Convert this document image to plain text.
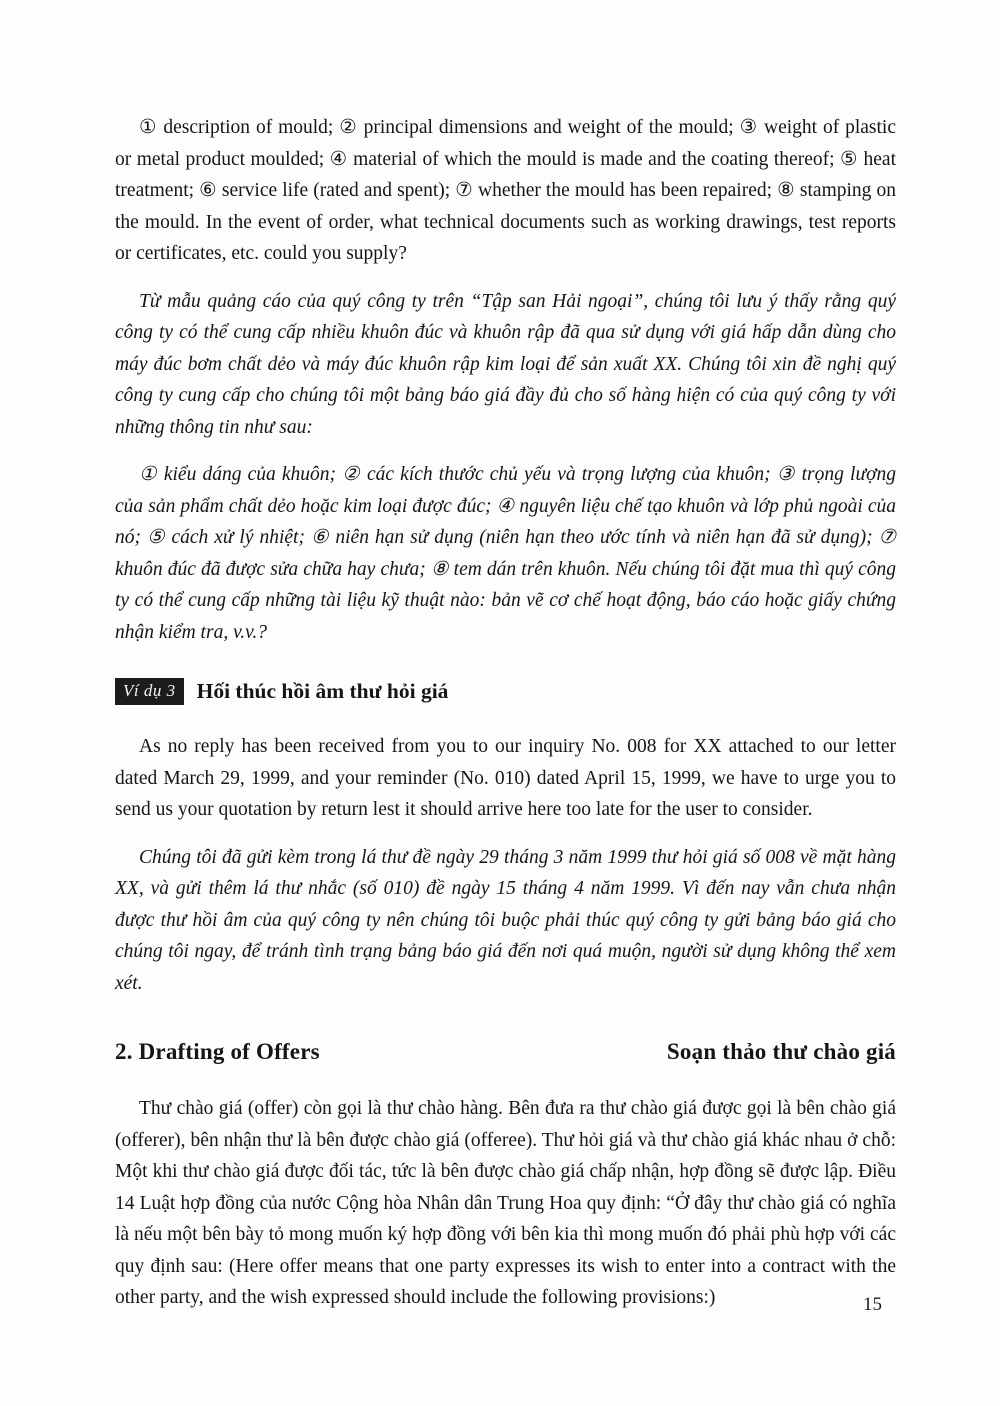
① description of mould; ② principal dimensions and weight of the mould; ③ weight of plastic or metal product moulded; ④ material of which the mould is made and the coating thereof; ⑤ heat treatment; ⑥ service life (rated and spent); ⑦ whether the mould has been repaired; ⑧ stamping on the mould. In the event of order, what technical documents such as working drawings, test reports or certificates, etc. could you supply?

Từ mẫu quảng cáo của quý công ty trên “Tập san Hải ngoại”, chúng tôi lưu ý thấy rằng quý công ty có thể cung cấp nhiều khuôn đúc và khuôn rập đã qua sử dụng với giá hấp dẫn dùng cho máy đúc bơm chất dẻo và máy đúc khuôn rập kim loại để sản xuất XX. Chúng tôi xin đề nghị quý công ty cung cấp cho chúng tôi một bảng báo giá đầy đủ cho số hàng hiện có của quý công ty với những thông tin như sau:

① kiểu dáng của khuôn; ② các kích thước chủ yếu và trọng lượng của khuôn; ③ trọng lượng của sản phẩm chất dẻo hoặc kim loại được đúc; ④ nguyên liệu chế tạo khuôn và lớp phủ ngoài của nó; ⑤ cách xử lý nhiệt; ⑥ niên hạn sử dụng (niên hạn theo ước tính và niên hạn đã sử dụng); ⑦ khuôn đúc đã được sửa chữa hay chưa; ⑧ tem dán trên khuôn. Nếu chúng tôi đặt mua thì quý công ty có thể cung cấp những tài liệu kỹ thuật nào: bản vẽ cơ chế hoạt động, báo cáo hoặc giấy chứng nhận kiểm tra, v.v.?

Ví dụ 3 Hối thúc hồi âm thư hỏi giá

As no reply has been received from you to our inquiry No. 008 for XX attached to our letter dated March 29, 1999, and your reminder (No. 010) dated April 15, 1999, we have to urge you to send us your quotation by return lest it should arrive here too late for the user to consider.

Chúng tôi đã gửi kèm trong lá thư đề ngày 29 tháng 3 năm 1999 thư hỏi giá số 008 về mặt hàng XX, và gửi thêm lá thư nhắc (số 010) đề ngày 15 tháng 4 năm 1999. Vì đến nay vẫn chưa nhận được thư hồi âm của quý công ty nên chúng tôi buộc phải thúc quý công ty gửi bảng báo giá cho chúng tôi ngay, để tránh tình trạng bảng báo giá đến nơi quá muộn, người sử dụng không thể xem xét.

2. Drafting of Offers	Soạn thảo thư chào giá

Thư chào giá (offer) còn gọi là thư chào hàng. Bên đưa ra thư chào giá được gọi là bên chào giá (offerer), bên nhận thư là bên được chào giá (offeree). Thư hỏi giá và thư chào giá khác nhau ở chỗ: Một khi thư chào giá được đối tác, tức là bên được chào giá chấp nhận, hợp đồng sẽ được lập. Điều 14 Luật hợp đồng của nước Cộng hòa Nhân dân Trung Hoa quy định: “Ở đây thư chào giá có nghĩa là nếu một bên bày tỏ mong muốn ký hợp đồng với bên kia thì mong muốn đó phải phù hợp với các quy định sau: (Here offer means that one party expresses its wish to enter into a contract with the other party, and the wish expressed should include the following provisions:)	15
